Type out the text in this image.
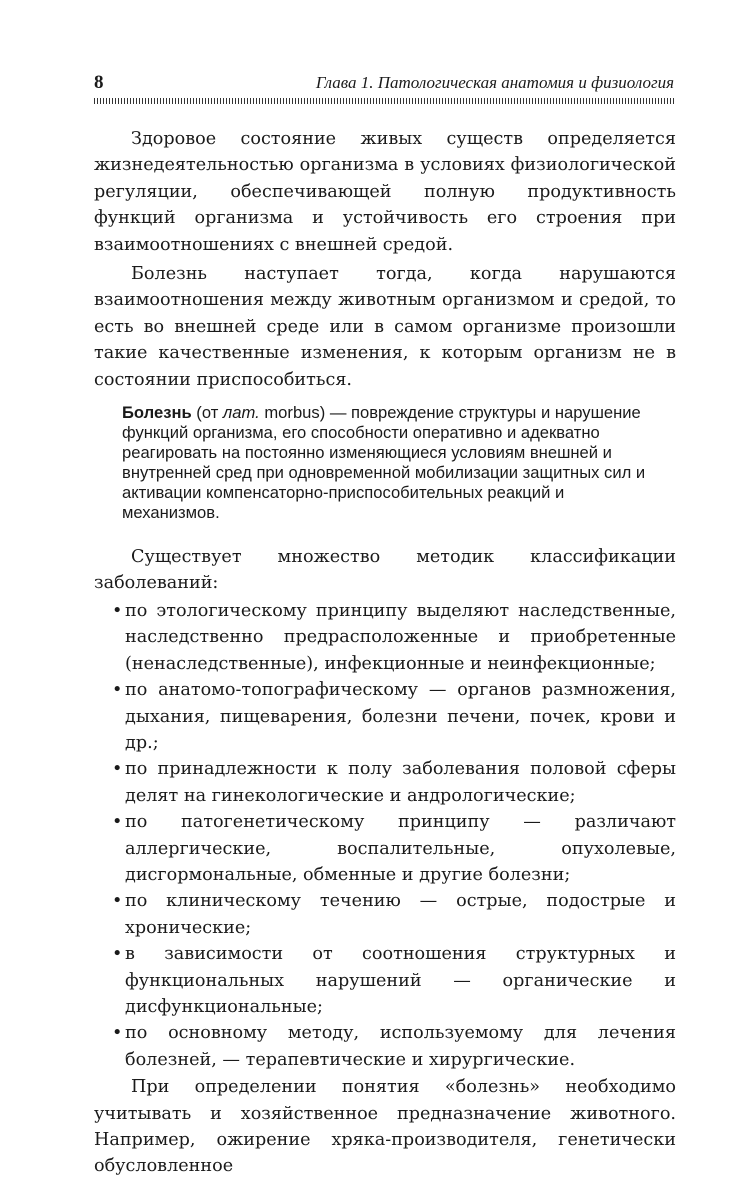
8	Глава 1. Патологическая анатомия и физиология

Здоровое состояние живых существ определяется жизнедеятельностью организма в условиях физиологической регуляции, обеспечивающей полную продуктивность функций организма и устойчивость его строения при взаимоотношениях с внешней средой.

Болезнь наступает тогда, когда нарушаются взаимоотношения между животным организмом и средой, то есть во внешней среде или в самом организме произошли такие качественные изменения, к которым организм не в состоянии приспособиться.

Болезнь (от лат. morbus) — повреждение структуры и нарушение функций организма, его способности оперативно и адекватно реагировать на постоянно изменяющиеся условиям внешней и внутренней сред при одновременной мобилизации защитных сил и активации компенсаторно-приспособительных реакций и механизмов.

Существует множество методик классификации заболеваний:

• по этологическому принципу выделяют наследственные, наследственно предрасположенные и приобретенные (ненаследственные), инфекционные и неинфекционные;
• по анатомо-топографическому — органов размножения, дыхания, пищеварения, болезни печени, почек, крови и др.;
• по принадлежности к полу заболевания половой сферы делят на гинекологические и андрологические;
• по патогенетическому принципу — различают аллергические, воспалительные, опухолевые, дисгормональные, обменные и другие болезни;
• по клиническому течению — острые, подострые и хронические;
• в зависимости от соотношения структурных и функциональных нарушений — органические и дисфункциональные;
• по основному методу, используемому для лечения болезней, — терапевтические и хирургические.

При определении понятия «болезнь» необходимо учитывать и хозяйственное предназначение животного. Например, ожирение хряка-производителя, генетически обусловленное
